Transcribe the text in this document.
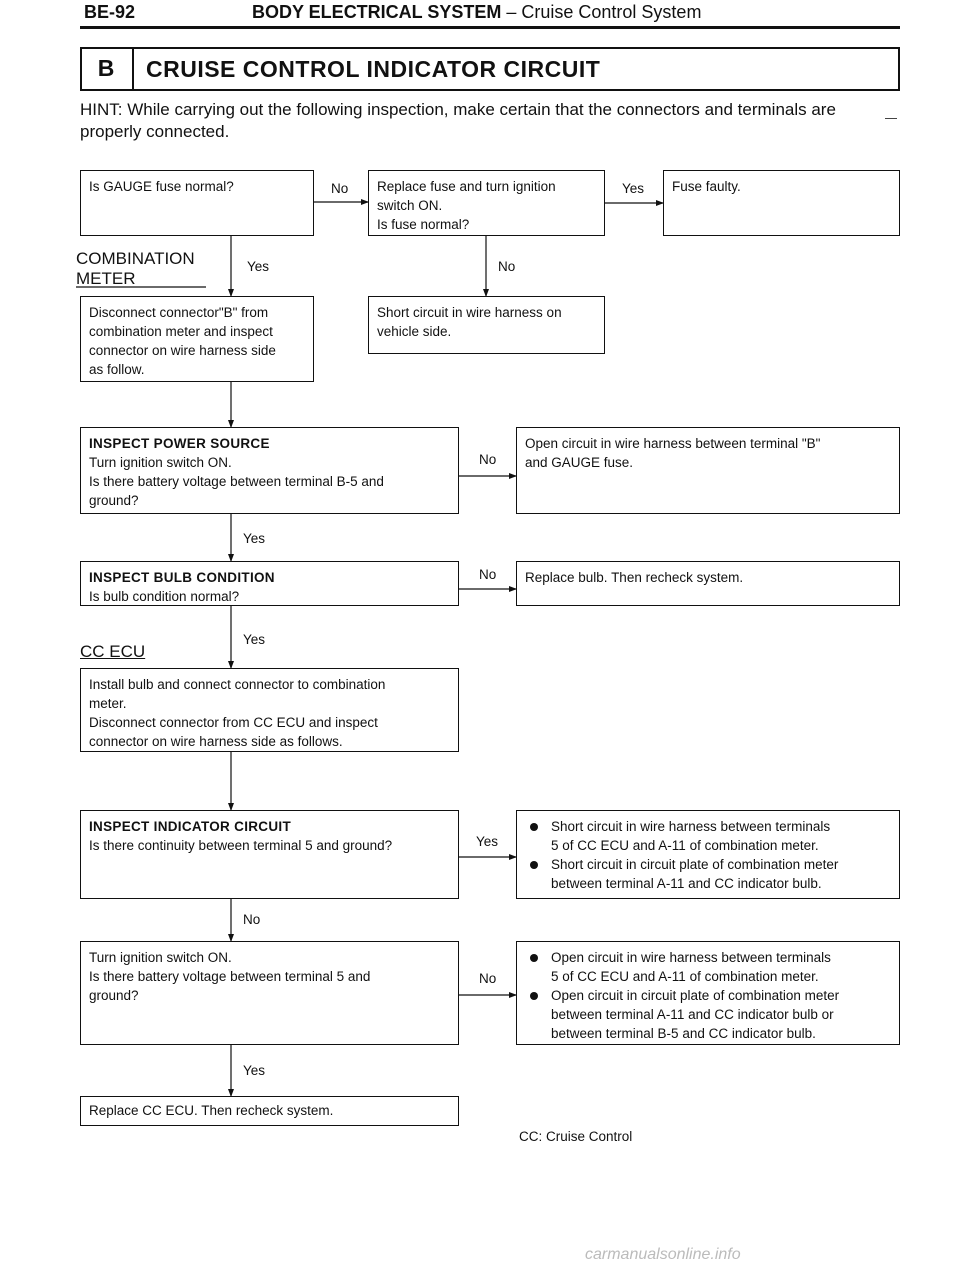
BE-92	BODY ELECTRICAL SYSTEM – Cruise Control System
B	CRUISE CONTROL INDICATOR CIRCUIT
HINT: While carrying out the following inspection, make certain that the connectors and terminals are properly connected.
Is GAUGE fuse normal?	No	Replace fuse and turn ignition
switch ON.
Is fuse normal?
Yes	Fuse faulty.
COMBINATION
METER
Yes	No
Disconnect connector"B" from
combination meter and inspect
connector on wire harness side
as follow.
Short circuit in wire harness on
vehicle side.
INSPECT POWER SOURCE
Turn ignition switch ON.
Is there battery voltage between terminal B-5 and
ground?
No
Open circuit in wire harness between terminal "B"
and GAUGE fuse.
Yes
INSPECT BULB CONDITION
Is bulb condition normal?
No	Replace bulb. Then recheck system.
CC ECU
Yes
Install bulb and connect connector to combination
meter.
Disconnect connector from CC ECU and inspect
connector on wire harness side as follows.
INSPECT INDICATOR CIRCUIT
Is there continuity between terminal 5 and ground?	Yes
Short circuit in wire harness between terminals
5 of CC ECU and A-11 of combination meter.
Short circuit in circuit plate of combination meter
between terminal A-11 and CC indicator bulb.
No
Turn ignition switch ON.
Is there battery voltage between terminal 5 and
ground?
No
Open circuit in wire harness between terminals
5 of CC ECU and A-11 of combination meter.
Open circuit in circuit plate of combination meter
between terminal A-11 and CC indicator bulb or
between terminal B-5 and CC indicator bulb.
Yes
Replace CC ECU. Then recheck system.
CC: Cruise Control
carmanualsonline.info
